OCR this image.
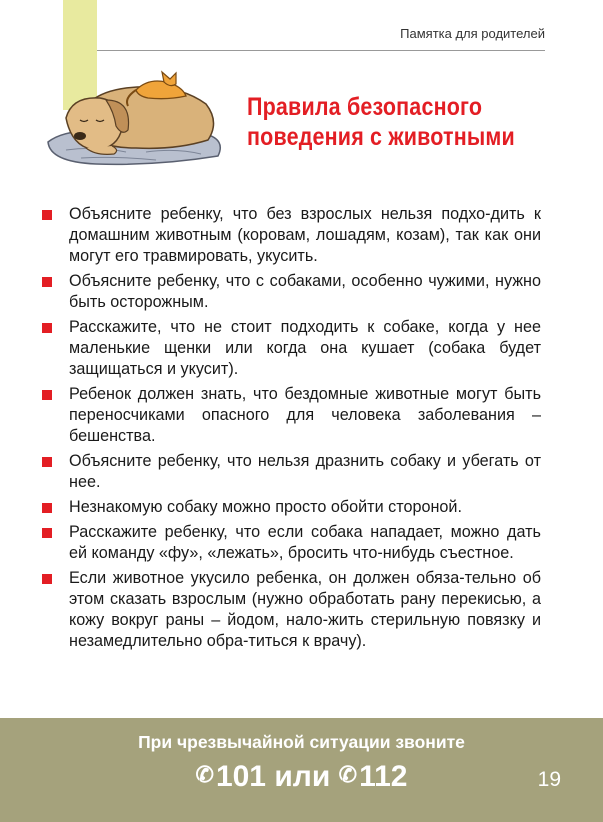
Памятка для родителей
Правила безопасного
поведения с животными
Объясните ребенку, что без взрослых нельзя подхо-дить к домашним животным (коровам, лошадям, козам), так как они могут его травмировать, укусить.
Объясните ребенку, что с собаками, особенно чужими, нужно быть осторожным.
Расскажите, что не стоит подходить к собаке, когда у нее маленькие щенки или когда она кушает (собака будет защищаться и укусит).
Ребенок должен знать, что бездомные животные могут быть переносчиками опасного для человека заболевания – бешенства.
Объясните ребенку, что нельзя дразнить собаку и убегать от нее.
Незнакомую собаку можно просто обойти стороной.
Расскажите ребенку, что если собака нападает, можно дать ей команду «фу», «лежать», бросить что-нибудь съестное.
Если животное укусило ребенка, он должен обяза-тельно об этом сказать взрослым (нужно обработать рану перекисью, а кожу вокруг раны – йодом, нало-жить стерильную повязку и незамедлительно обра-титься к врачу).
При чрезвычайной ситуации звоните
✆101 или ✆112	19
